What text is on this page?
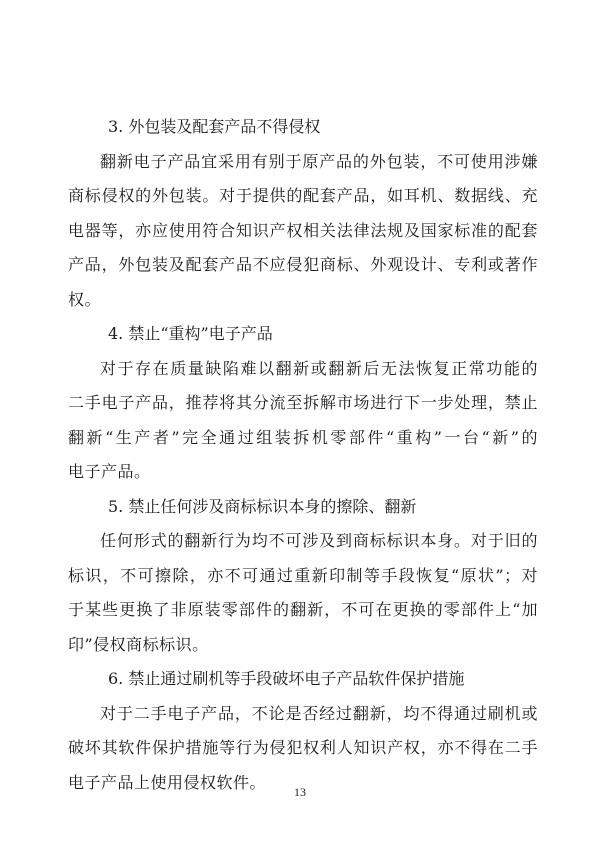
3. 外包装及配套产品不得侵权

翻新电子产品宜采用有别于原产品的外包装，不可使用涉嫌
商标侵权的外包装。对于提供的配套产品，如耳机、数据线、充
电器等，亦应使用符合知识产权相关法律法规及国家标准的配套
产品，外包装及配套产品不应侵犯商标、外观设计、专利或著作
权。

4. 禁止“重构”电子产品

对于存在质量缺陷难以翻新或翻新后无法恢复正常功能的
二手电子产品，推荐将其分流至拆解市场进行下一步处理，禁止
翻新“生产者”完全通过组装拆机零部件“重构”一台“新”的
电子产品。

5. 禁止任何涉及商标标识本身的擦除、翻新

任何形式的翻新行为均不可涉及到商标标识本身。对于旧的
标识，不可擦除，亦不可通过重新印制等手段恢复“原状”；对
于某些更换了非原装零部件的翻新，不可在更换的零部件上“加
印”侵权商标标识。

6. 禁止通过刷机等手段破坏电子产品软件保护措施

对于二手电子产品，不论是否经过翻新，均不得通过刷机或
破坏其软件保护措施等行为侵犯权利人知识产权，亦不得在二手
电子产品上使用侵权软件。
13
